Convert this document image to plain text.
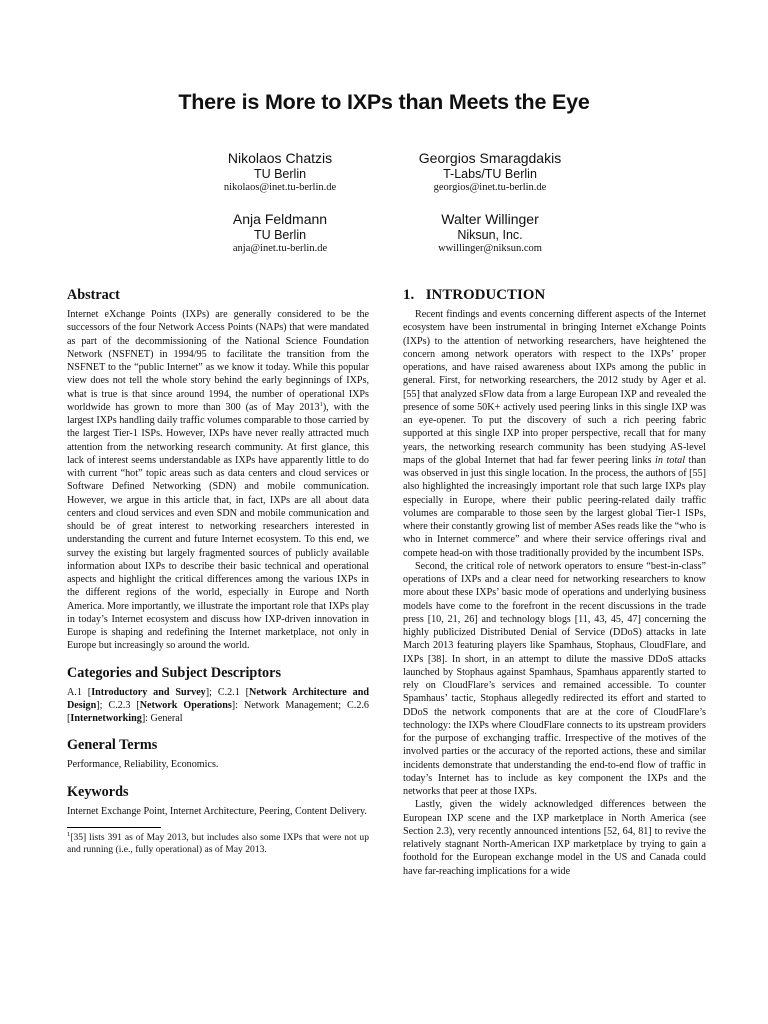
There is More to IXPs than Meets the Eye
Nikolaos Chatzis
TU Berlin
nikolaos@inet.tu-berlin.de
Georgios Smaragdakis
T-Labs/TU Berlin
georgios@inet.tu-berlin.de
Anja Feldmann
TU Berlin
anja@inet.tu-berlin.de
Walter Willinger
Niksun, Inc.
wwillinger@niksun.com
Abstract

Internet eXchange Points (IXPs) are generally considered to be the successors of the four Network Access Points (NAPs) that were mandated as part of the decommissioning of the National Science Foundation Network (NSFNET) in 1994/95 to facilitate the transition from the NSFNET to the “public Internet” as we know it today. While this popular view does not tell the whole story behind the early beginnings of IXPs, what is true is that since around 1994, the number of operational IXPs worldwide has grown to more than 300 (as of May 2013$^1$), with the largest IXPs handling daily traffic volumes comparable to those carried by the largest Tier-1 ISPs. However, IXPs have never really attracted much attention from the networking research community. At first glance, this lack of interest seems understandable as IXPs have apparently little to do with current “hot” topic areas such as data centers and cloud services or Software Defined Networking (SDN) and mobile communication. However, we argue in this article that, in fact, IXPs are all about data centers and cloud services and even SDN and mobile communication and should be of great interest to networking researchers interested in understanding the current and future Internet ecosystem. To this end, we survey the existing but largely fragmented sources of publicly available information about IXPs to describe their basic technical and operational aspects and highlight the critical differences among the various IXPs in the different regions of the world, especially in Europe and North America. More importantly, we illustrate the important role that IXPs play in today’s Internet ecosystem and discuss how IXP-driven innovation in Europe is shaping and redefining the Internet marketplace, not only in Europe but increasingly so around the world.

Categories and Subject Descriptors

A.1 [Introductory and Survey]; C.2.1 [Network Architecture and Design]; C.2.3 [Network Operations]: Network Management; C.2.6 [Internetworking]: General

General Terms

Performance, Reliability, Economics.

Keywords

Internet Exchange Point, Internet Architecture, Peering, Content Delivery.

$^1$[35] lists 391 as of May 2013, but includes also some IXPs that were not up and running (i.e., fully operational) as of May 2013.

1.   INTRODUCTION

Recent findings and events concerning different aspects of the Internet ecosystem have been instrumental in bringing Internet eXchange Points (IXPs) to the attention of networking researchers, have heightened the concern among network operators with respect to the IXPs’ proper operations, and have raised awareness about IXPs among the public in general. First, for networking researchers, the 2012 study by Ager et al. [55] that analyzed sFlow data from a large European IXP and revealed the presence of some 50K+ actively used peering links in this single IXP was an eye-opener. To put the discovery of such a rich peering fabric supported at this single IXP into proper perspective, recall that for many years, the networking research community has been studying AS-level maps of the global Internet that had far fewer peering links in total than was observed in just this single location. In the process, the authors of [55] also highlighted the increasingly important role that such large IXPs play especially in Europe, where their public peering-related daily traffic volumes are comparable to those seen by the largest global Tier-1 ISPs, where their constantly growing list of member ASes reads like the “who is who in Internet commerce” and where their service offerings rival and compete head-on with those traditionally provided by the incumbent ISPs.

Second, the critical role of network operators to ensure “best-in-class” operations of IXPs and a clear need for networking researchers to know more about these IXPs’ basic mode of operations and underlying business models have come to the forefront in the recent discussions in the trade press [10, 21, 26] and technology blogs [11, 43, 45, 47] concerning the highly publicized Distributed Denial of Service (DDoS) attacks in late March 2013 featuring players like Spamhaus, Stophaus, CloudFlare, and IXPs [38]. In short, in an attempt to dilute the massive DDoS attacks launched by Stophaus against Spamhaus, Spamhaus apparently started to rely on CloudFlare’s services and remained accessible. To counter Spamhaus’ tactic, Stophaus allegedly redirected its effort and started to DDoS the network components that are at the core of CloudFlare’s technology: the IXPs where CloudFlare connects to its upstream providers for the purpose of exchanging traffic. Irrespective of the motives of the involved parties or the accuracy of the reported actions, these and similar incidents demonstrate that understanding the end-to-end flow of traffic in today’s Internet has to include as key component the IXPs and the networks that peer at those IXPs.

Lastly, given the widely acknowledged differences between the European IXP scene and the IXP marketplace in North America (see Section 2.3), very recently announced intentions [52, 64, 81] to revive the relatively stagnant North-American IXP marketplace by trying to gain a foothold for the European exchange model in the US and Canada could have far-reaching implications for a wide
